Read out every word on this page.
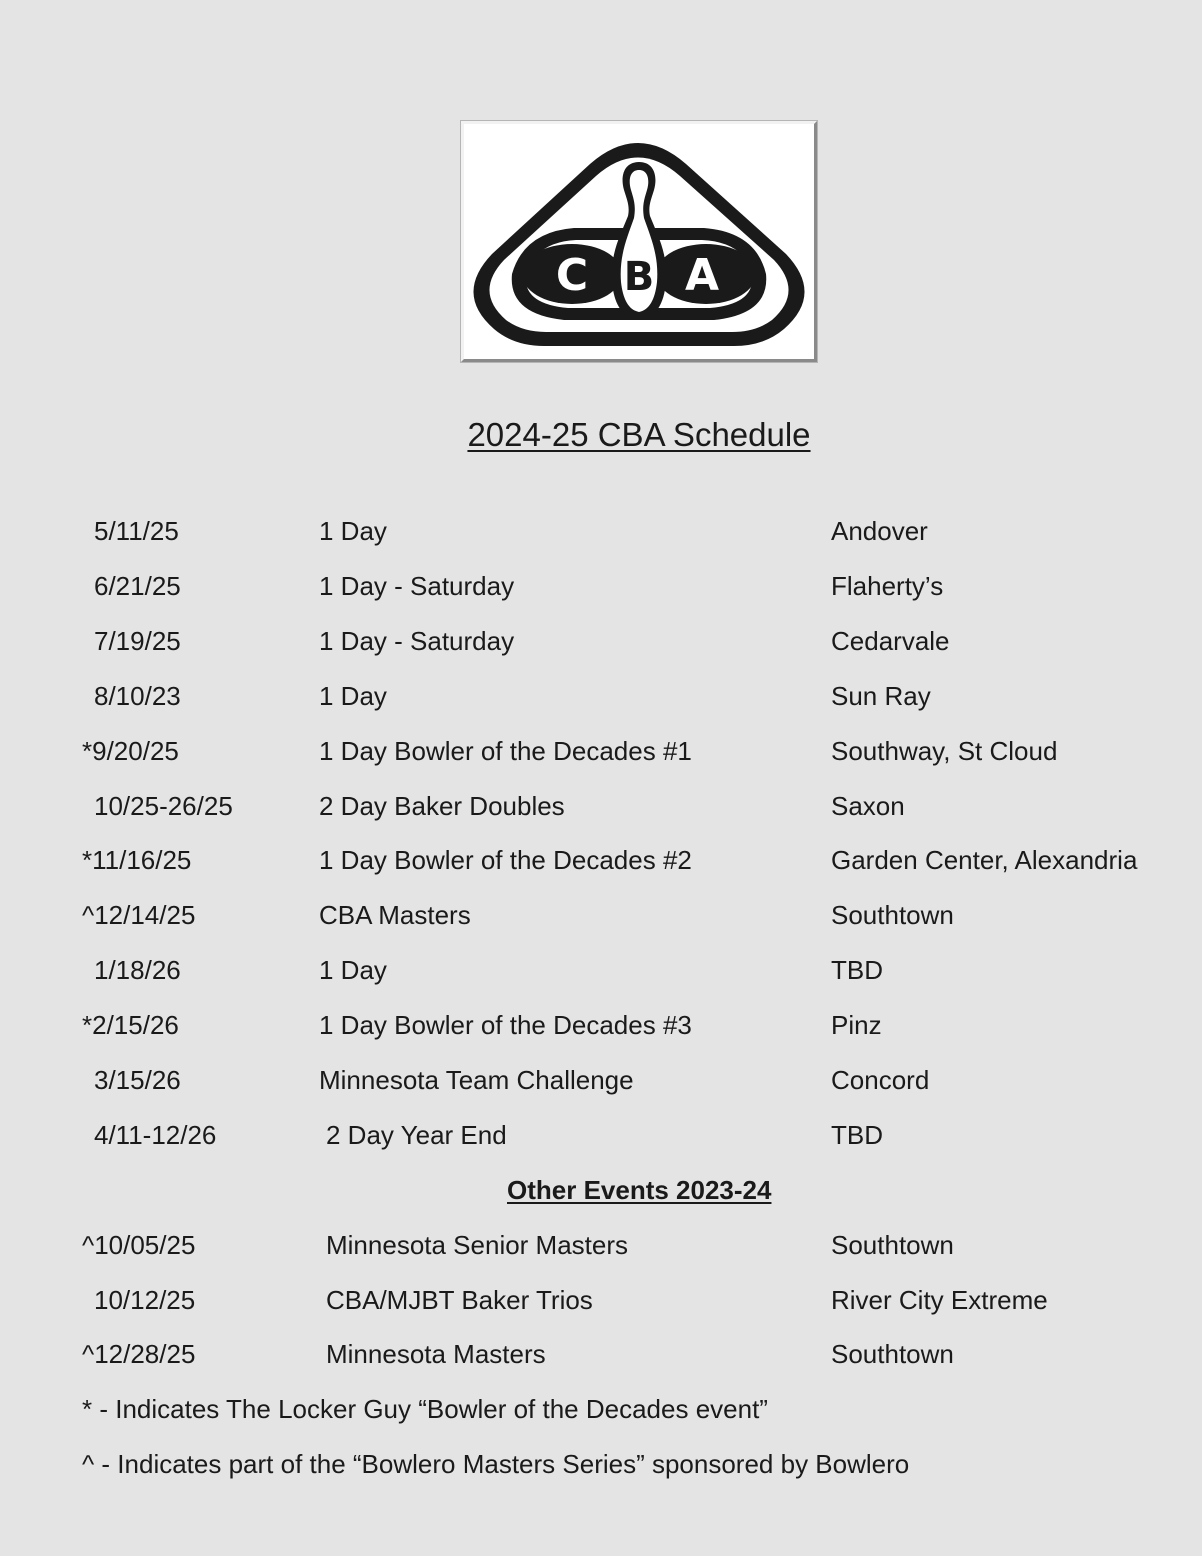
C B A
2024-25 CBA Schedule
5/11/25	1 Day	Andover
6/21/25	1 Day - Saturday	Flaherty’s
7/19/25	1 Day - Saturday	Cedarvale
8/10/23	1 Day	Sun Ray
*9/20/25	1 Day Bowler of the Decades #1	Southway, St Cloud
10/25-26/25	2 Day Baker Doubles	Saxon
*11/16/25	1 Day Bowler of the Decades #2	Garden Center, Alexandria
^12/14/25	CBA Masters	Southtown
1/18/26	1 Day	TBD
*2/15/26	1 Day Bowler of the Decades #3	Pinz
3/15/26	Minnesota Team Challenge	Concord
4/11-12/26	2 Day Year End	TBD
Other Events 2023-24
^10/05/25	Minnesota Senior Masters	Southtown
10/12/25	CBA/MJBT Baker Trios	River City Extreme
^12/28/25	Minnesota Masters	Southtown
* - Indicates The Locker Guy “Bowler of the Decades event”
^ - Indicates part of the “Bowlero Masters Series” sponsored by Bowlero
